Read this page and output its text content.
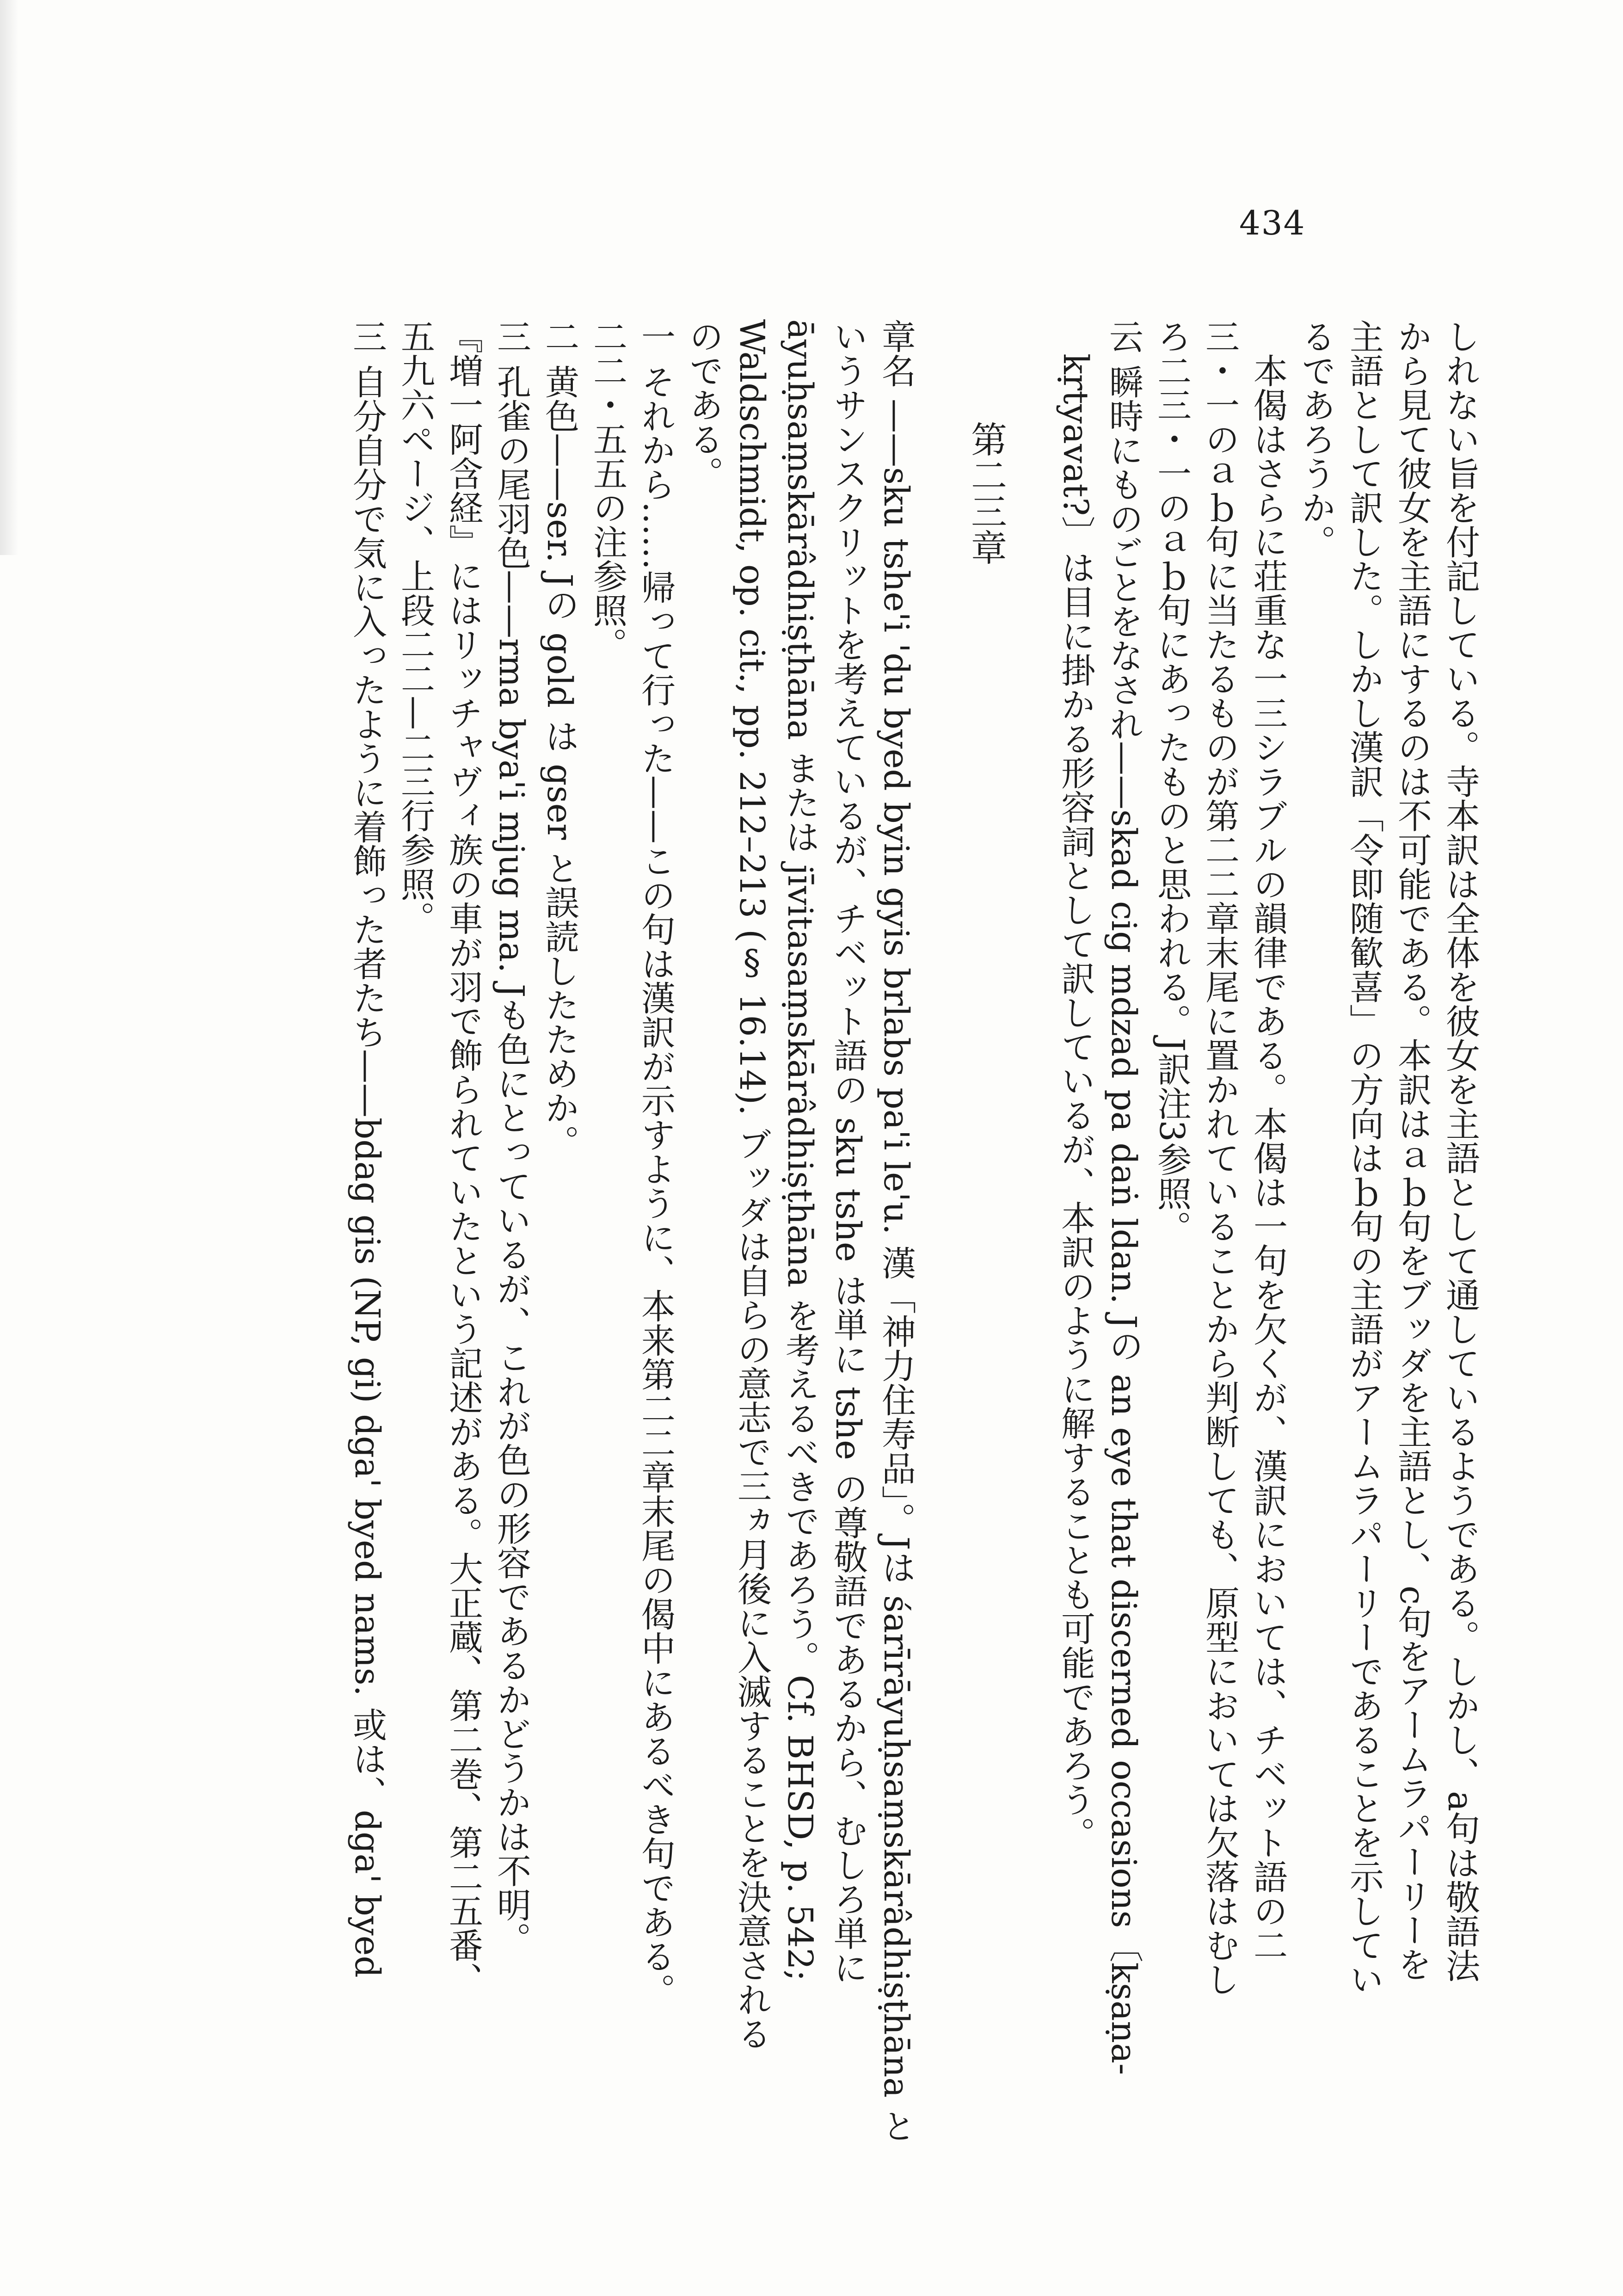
434
しれない旨を付記している。寺本訳は全体を彼女を主語として通しているようである。しかし、a句は敬語法
から見て彼女を主語にするのは不可能である。本訳はａｂ句をブッダを主語とし、c句をアームラパーリーを
主語として訳した。しかし漢訳「令即随歓喜」の方向はｂ句の主語がアームラパーリーであることを示してい
るであろうか。
本偈はさらに荘重な一三シラブルの韻律である。本偈は一句を欠くが、漢訳においては、チベット語の二
三・一のａｂ句に当たるものが第二二章末尾に置かれていることから判断しても、原型においては欠落はむし
ろ二三・一のａｂ句にあったものと思われる。J訳注3参照。
云瞬時にものごとをなされ——skad cig mdzad pa daṅ ldan. Jの an eye that discerned occasions〔kṣaṇa-
kṛtyavat?〕は目に掛かる形容詞として訳しているが、本訳のように解することも可能であろう。
第二三章
章名——sku tshe'i 'du byed byin gyis brlabs pa'i le'u. 漢「神力住寿品」。Jは śarīrāyuḥsaṃskārâdhiṣṭhāna と
いうサンスクリットを考えているが、チベット語の sku tshe は単に tshe の尊敬語であるから、むしろ単に
āyuḥsaṃskārâdhiṣṭhāna または jīvitasaṃskārâdhiṣṭhāna を考えるべきであろう。Cf. BHSD, p. 542;
Waldschmidt, op. cit., pp. 212–213 (§ 16.14). ブッダは自らの意志で三ヵ月後に入滅することを決意される
のである。
一それから……帰って行った——この句は漢訳が示すように、本来第二二章末尾の偈中にあるべき句である。
二二・五五の注参照。
二黄色——ser. Jの gold は gser と誤読したためか。
三孔雀の尾羽色——rma bya'i mjug ma. Jも色にとっているが、これが色の形容であるかどうかは不明。
『増一阿含経』にはリッチャヴィ族の車が羽で飾られていたという記述がある。大正蔵、第二巻、第二五番、
五九六ページ、上段二二—二三行参照。
三自分自分で気に入ったように着飾った者たち——bdag gis (NP, gi) dga' byed nams. 或は、dga' byed
